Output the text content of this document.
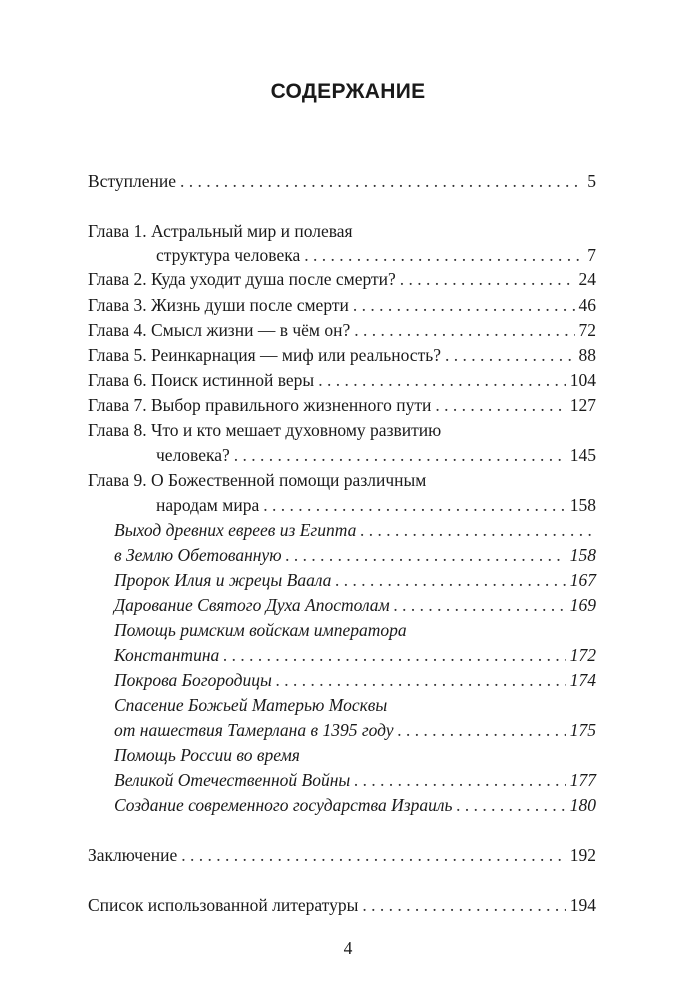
СОДЕРЖАНИЕ
Вступление . . .	5
Глава 1. Астральный мир и полевая
структура человека . . .	7
Глава 2. Куда уходит душа после смерти? . . .	24
Глава 3. Жизнь души после смерти . . .	46
Глава 4. Смысл жизни — в чём он? . . .	72
Глава 5. Реинкарнация — миф или реальность? . . .	88
Глава 6. Поиск истинной веры . . .	104
Глава 7. Выбор правильного жизненного пути . . .	127
Глава 8. Что и кто мешает духовному развитию
человека? . . .	145
Глава 9. О Божественной помощи различным
народам мира . . .	158
Выход древних евреев из Египта
. . .
в Землю Обетованную . . .	158
Пророк Илия и жрецы Ваала . . .	167
Дарование Святого Духа Апостолам . . .	169
Помощь римским войскам императора
Константина . . .	172
Покрова Богородицы . . .	174
Спасение Божьей Матерью Москвы
от нашествия Тамерлана в 1395 году . . .	175
Помощь России во время
Великой Отечественной Войны . . .	177
Создание современного государства Израиль . . .	180
Заключение . . .	192
Список использованной литературы . . .	194
4
